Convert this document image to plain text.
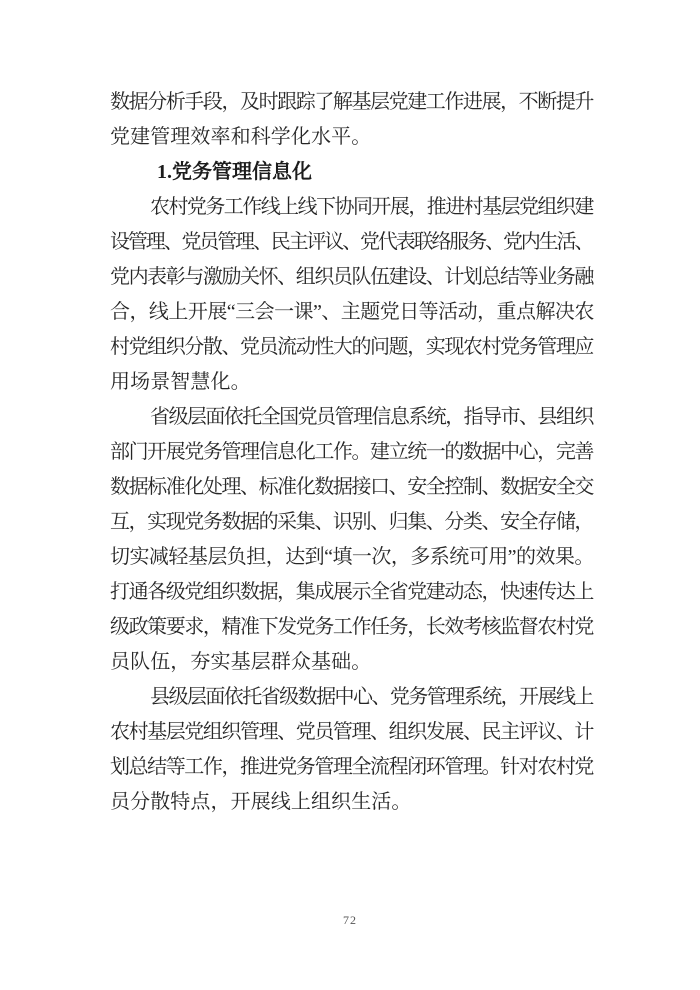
数据分析手段，及时跟踪了解基层党建工作进展，不断提升
党建管理效率和科学化水平。
1.党务管理信息化
农村党务工作线上线下协同开展，推进村基层党组织建
设管理、党员管理、民主评议、党代表联络服务、党内生活、
党内表彰与激励关怀、组织员队伍建设、计划总结等业务融
合，线上开展“三会一课”、主题党日等活动，重点解决农
村党组织分散、党员流动性大的问题，实现农村党务管理应
用场景智慧化。
省级层面依托全国党员管理信息系统，指导市、县组织
部门开展党务管理信息化工作。建立统一的数据中心，完善
数据标准化处理、标准化数据接口、安全控制、数据安全交
互，实现党务数据的采集、识别、归集、分类、安全存储，
切实减轻基层负担，达到“填一次，多系统可用”的效果。
打通各级党组织数据，集成展示全省党建动态，快速传达上
级政策要求，精准下发党务工作任务，长效考核监督农村党
员队伍，夯实基层群众基础。
县级层面依托省级数据中心、党务管理系统，开展线上
农村基层党组织管理、党员管理、组织发展、民主评议、计
划总结等工作，推进党务管理全流程闭环管理。针对农村党
员分散特点，开展线上组织生活。
72
